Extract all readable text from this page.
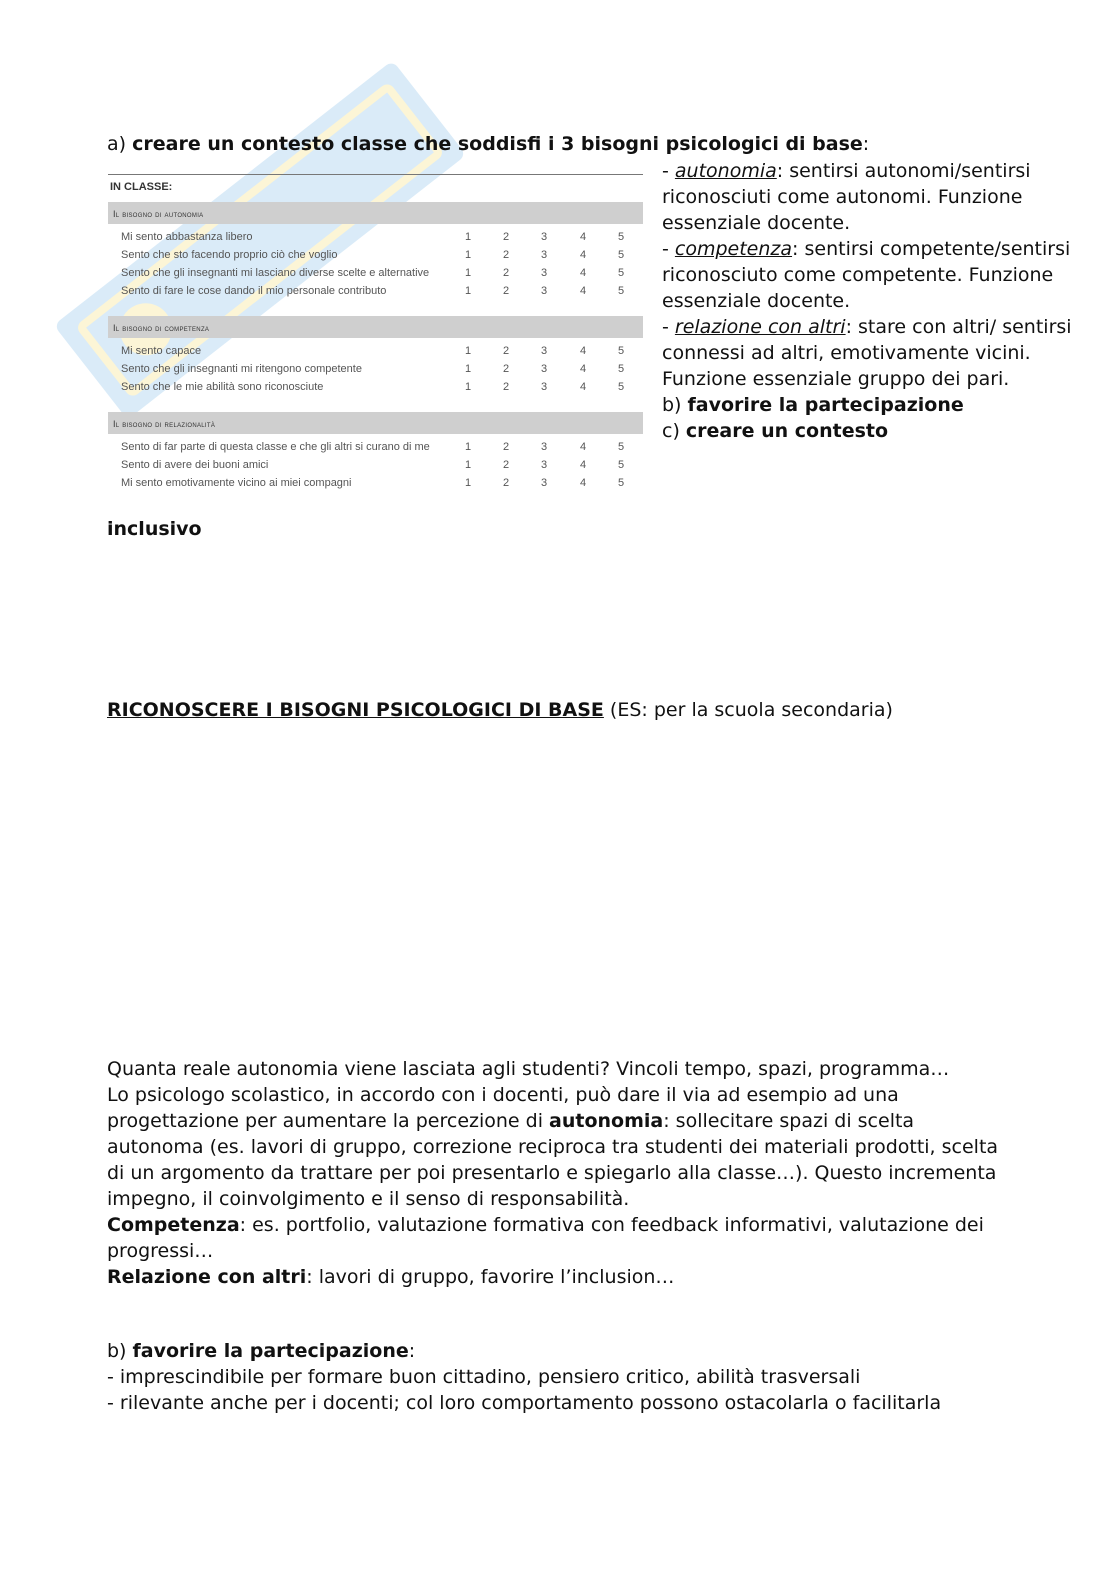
a) creare un contesto classe che soddisfi i 3 bisogni psicologici di base:
IN CLASSE:
Il bisogno di autonomia
Mi sento abbastanza libero	1	2	3	4	5
Sento che sto facendo proprio ciò che voglio	1	2	3	4	5
Sento che gli insegnanti mi lasciano diverse scelte e alternative	1	2	3	4	5
Sento di fare le cose dando il mio personale contributo	1	2	3	4	5
Il bisogno di competenza
Mi sento capace	1	2	3	4	5
Sento che gli insegnanti mi ritengono competente	1	2	3	4	5
Sento che le mie abilità sono riconosciute	1	2	3	4	5
Il bisogno di relazionalità
Sento di far parte di questa classe e che gli altri si curano di me	1	2	3	4	5
Sento di avere dei buoni amici	1	2	3	4	5
Mi sento emotivamente vicino ai miei compagni	1	2	3	4	5

- autonomia: sentirsi autonomi/sentirsi riconosciuti come autonomi. Funzione essenziale docente.

- competenza: sentirsi competente/sentirsi riconosciuto come competente. Funzione essenziale docente.

- relazione con altri: stare con altri/ sentirsi connessi ad altri, emotivamente vicini. Funzione essenziale gruppo dei pari.

b) favorire la partecipazione

c) creare un contesto

inclusivo
RICONOSCERE I BISOGNI PSICOLOGICI DI BASE (ES: per la scuola secondaria)

Quanta reale autonomia viene lasciata agli studenti? Vincoli tempo, spazi, programma…

Lo psicologo scolastico, in accordo con i docenti, può dare il via ad esempio ad una progettazione per aumentare la percezione di autonomia: sollecitare spazi di scelta autonoma (es. lavori di gruppo, correzione reciproca tra studenti dei materiali prodotti, scelta di un argomento da trattare per poi presentarlo e spiegarlo alla classe…). Questo incrementa impegno, il coinvolgimento e il senso di responsabilità.

Competenza: es. portfolio, valutazione formativa con feedback informativi, valutazione dei progressi…

Relazione con altri: lavori di gruppo, favorire l’inclusion…

b) favorire la partecipazione:

- imprescindibile per formare buon cittadino, pensiero critico, abilità trasversali

- rilevante anche per i docenti; col loro comportamento possono ostacolarla o facilitarla
